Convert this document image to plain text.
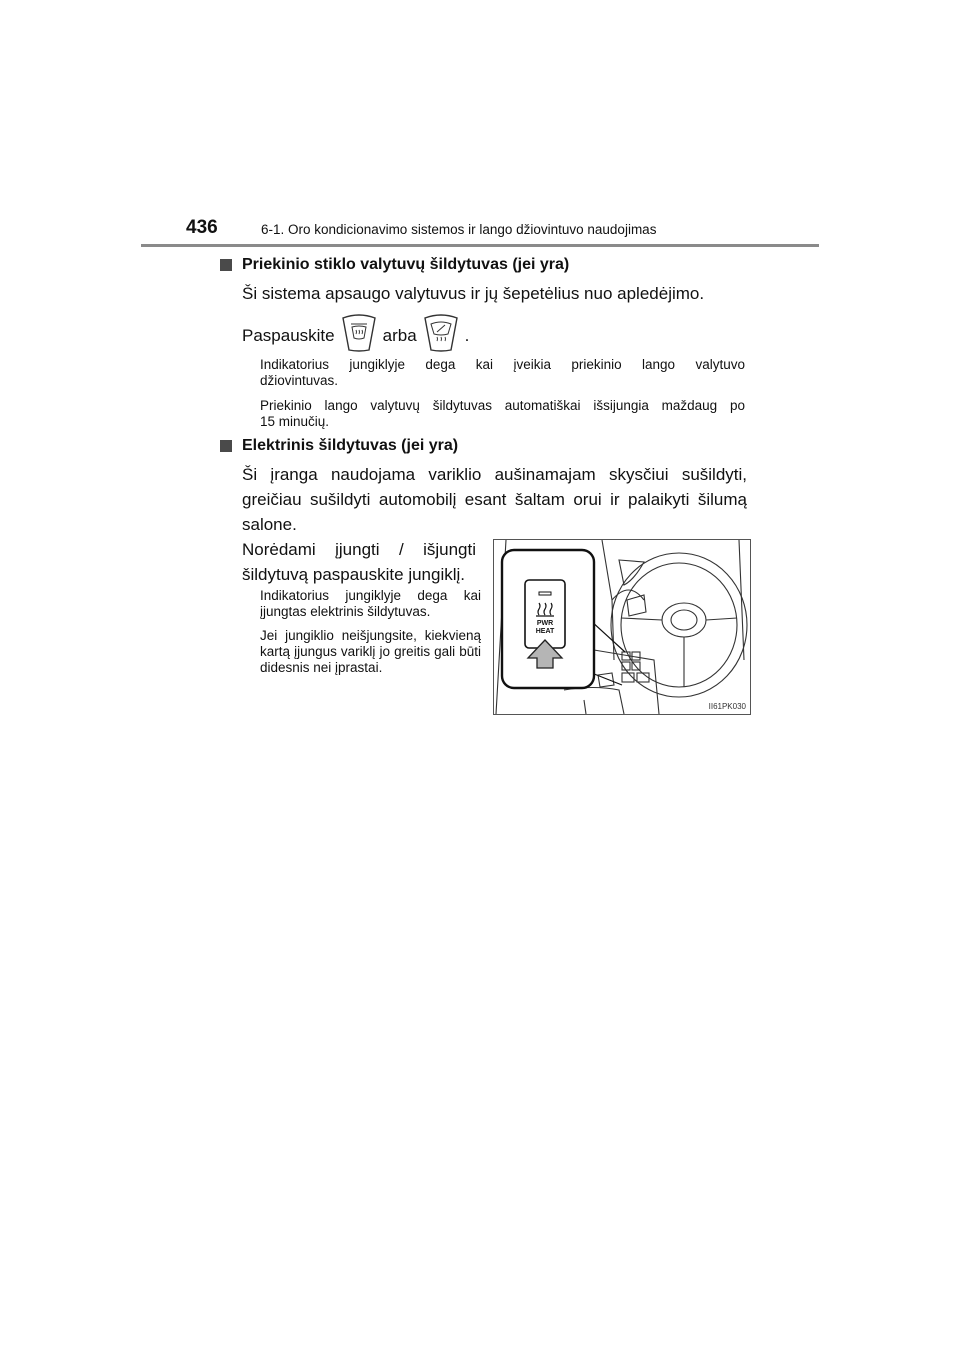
436	6-1. Oro kondicionavimo sistemos ir lango džiovintuvo naudojimas
Priekinio stiklo valytuvų šildytuvas (jei yra)
Ši sistema apsaugo valytuvus ir jų šepetėlius nuo apledėjimo.
Paspauskite	arba	.
Indikatorius jungiklyje dega kai įveikia priekinio lango valytuvo
džiovintuvas.
Priekinio lango valytuvų šildytuvas automatiškai išsijungia maždaug po
15 minučių.
Elektrinis šildytuvas (jei yra)
Ši įranga naudojama variklio aušinamajam skysčiui sušildyti,
greičiau sušildyti automobilį esant šaltam orui ir palaikyti šilumą
salone.
Norėdami įjungti / išjungti
šildytuvą paspauskite jungiklį.
Indikatorius jungiklyje dega kai įjungtas elektrinis šildytuvas.
Jei jungiklio neišjungsite, kiekvieną kartą įjungus variklį jo greitis gali būti didesnis nei įprastai.
PWR
HEAT
II61PK030
